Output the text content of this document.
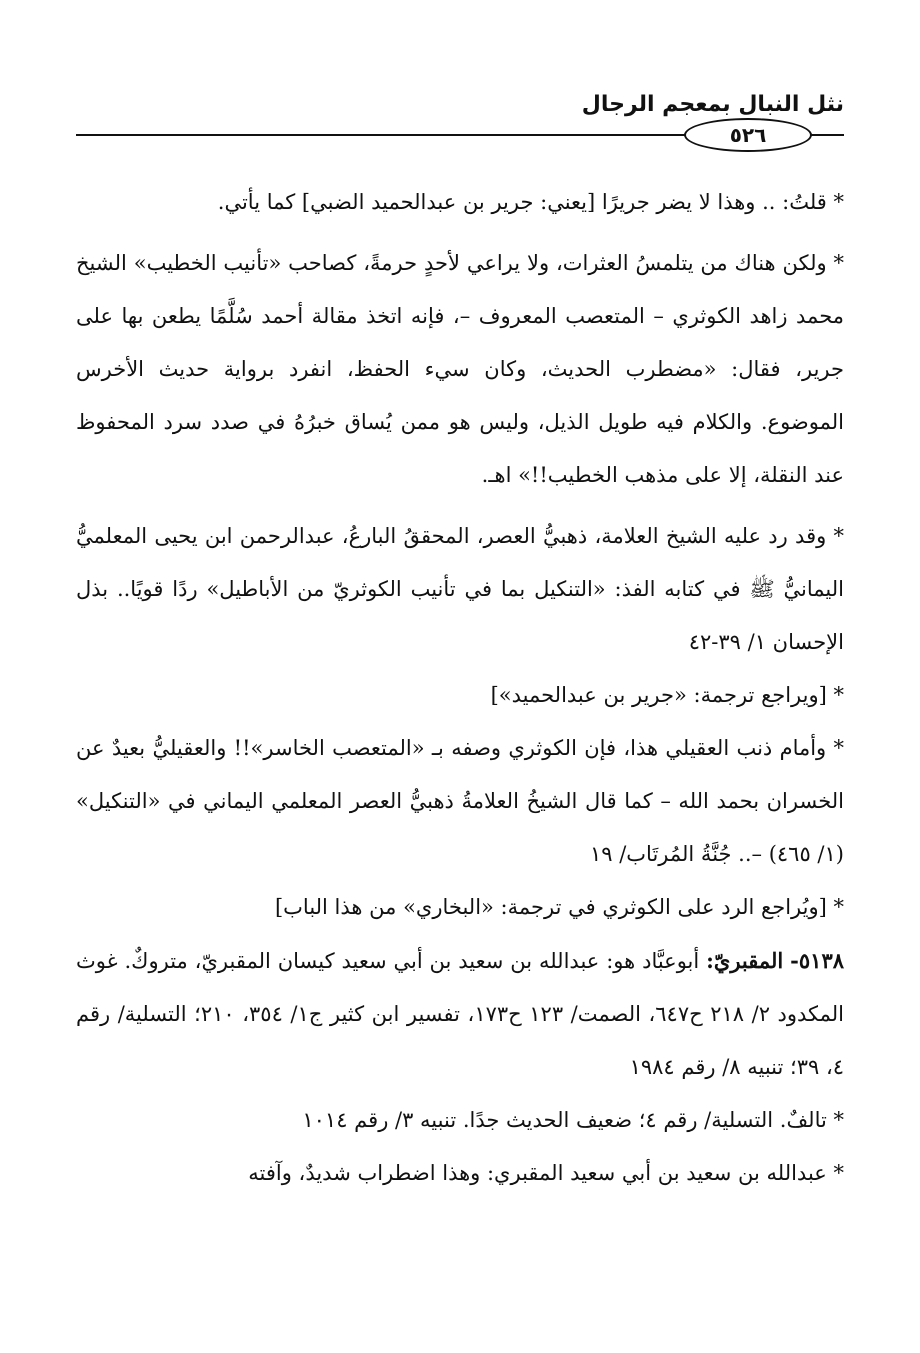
نثل النبال بمعجم الرجال
٥٢٦

* قلتُ: .. وهذا لا يضر جريرًا [يعني: جرير بن عبدالحميد الضبي] كما يأتي.

* ولكن هناك من يتلمسُ العثرات، ولا يراعي لأحدٍ حرمةً، كصاحب «تأنيب الخطيب» الشيخ محمد زاهد الكوثري – المتعصب المعروف –، فإنه اتخذ مقالة أحمد سُلَّمًا يطعن بها على جرير، فقال: «مضطرب الحديث، وكان سيء الحفظ، انفرد برواية حديث الأخرس الموضوع. والكلام فيه طويل الذيل، وليس هو ممن يُساق خبرُهُ في صدد سرد المحفوظ عند النقلة، إلا على مذهب الخطيب!!» اهـ.

* وقد رد عليه الشيخ العلامة، ذهبيُّ العصر، المحققُ البارعُ، عبدالرحمن ابن يحيى المعلميُّ اليمانيُّ ﷺ في كتابه الفذ: «التنكيل بما في تأنيب الكوثريّ من الأباطيل» ردًا قويًا.. بذل الإحسان ١/ ٣٩-٤٢

* [ويراجع ترجمة: «جرير بن عبدالحميد»]

* وأمام ذنب العقيلي هذا، فإن الكوثري وصفه بـ «المتعصب الخاسر»!! والعقيليُّ بعيدٌ عن الخسران بحمد الله – كما قال الشيخُ العلامةُ ذهبيُّ العصر المعلمي اليماني في «التنكيل» (١/ ٤٦٥) –.. جُنَّةُ المُرتَاب/ ١٩

* [ويُراجع الرد على الكوثري في ترجمة: «البخاري» من هذا الباب]

٥١٣٨- المقبريّ: أبوعبَّاد هو: عبدالله بن سعيد بن أبي سعيد كيسان المقبريّ، متروكٌ. غوث المكدود ٢/ ٢١٨ ح٦٤٧، الصمت/ ١٢٣ ح١٧٣، تفسير ابن كثير ج١/ ٣٥٤، ٢١٠؛ التسلية/ رقم ٤، ٣٩؛ تنبيه ٨/ رقم ١٩٨٤

* تالفٌ. التسلية/ رقم ٤؛ ضعيف الحديث جدًا. تنبيه ٣/ رقم ١٠١٤

* عبدالله بن سعيد بن أبي سعيد المقبري: وهذا اضطراب شديدٌ، وآفته
